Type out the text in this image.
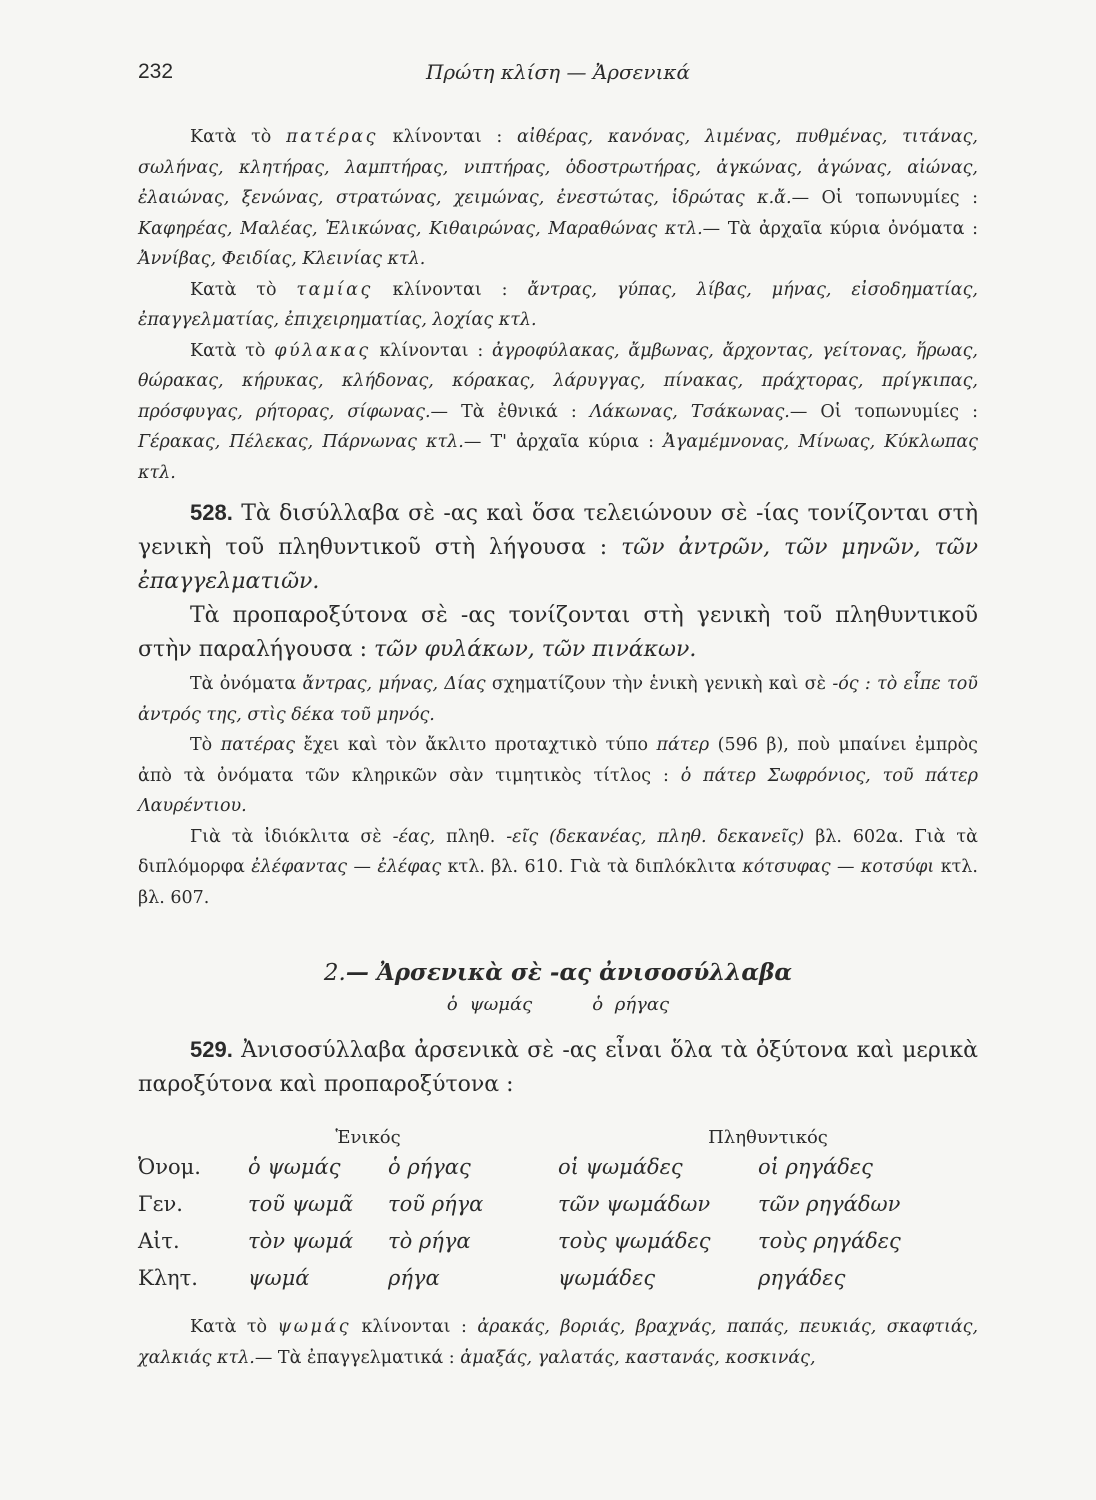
232	Πρώτη κλίση — Ἀρσενικά

Κατὰ τὸ πατέρας κλίνονται : αἰθέρας, κανόνας, λιμένας, πυθμένας, τιτάνας, σωλήνας, κλητήρας, λαμπτήρας, νιπτήρας, ὁδοστρωτήρας, ἀγκώνας, ἀγώνας, αἰώνας, ἐλαιώνας, ξενώνας, στρατώνας, χειμώνας, ἐνεστώτας, ἱδρώτας κ.ἄ.— Οἱ τοπωνυμίες : Καφηρέας, Μαλέας, Ἑλικώνας, Κιθαιρώνας, Μαραθώνας κτλ.— Τὰ ἀρχαῖα κύρια ὀνόματα : Ἀννίβας, Φειδίας, Κλεινίας κτλ.

Κατὰ τὸ ταμίας κλίνονται : ἄντρας, γύπας, λίβας, μήνας, εἰσοδηματίας, ἐπαγγελματίας, ἐπιχειρηματίας, λοχίας κτλ.

Κατὰ τὸ φύλακας κλίνονται : ἀγροφύλακας, ἄμβωνας, ἄρχοντας, γείτονας, ἥρωας, θώρακας, κήρυκας, κλήδονας, κόρακας, λάρυγγας, πίνακας, πράχτορας, πρίγκιπας, πρόσφυγας, ρήτορας, σίφωνας.— Τὰ ἐθνικά : Λάκωνας, Τσάκωνας.— Οἱ τοπωνυμίες : Γέρακας, Πέλεκας, Πάρνωνας κτλ.— Τ' ἀρχαῖα κύρια : Ἀγαμέμνονας, Μίνωας, Κύκλωπας κτλ.

528. Τὰ δισύλλαβα σὲ -ας καὶ ὅσα τελειώνουν σὲ -ίας τονίζονται στὴ γενικὴ τοῦ πληθυντικοῦ στὴ λήγουσα : τῶν ἀντρῶν, τῶν μηνῶν, τῶν ἐπαγγελματιῶν.

Τὰ προπαροξύτονα σὲ -ας τονίζονται στὴ γενικὴ τοῦ πληθυντικοῦ στὴν παραλήγουσα : τῶν φυλάκων, τῶν πινάκων.

Τὰ ὀνόματα ἄντρας, μήνας, Δίας σχηματίζουν τὴν ἑνικὴ γενικὴ καὶ σὲ -ός : τὸ εἶπε τοῦ ἀντρός της, στὶς δέκα τοῦ μηνός.

Τὸ πατέρας ἔχει καὶ τὸν ἄκλιτο προταχτικὸ τύπο πάτερ (596 β), ποὺ μπαίνει ἐμπρὸς ἀπὸ τὰ ὀνόματα τῶν κληρικῶν σὰν τιμητικὸς τίτλος : ὁ πάτερ Σωφρόνιος, τοῦ πάτερ Λαυρέντιου.

Γιὰ τὰ ἰδιόκλιτα σὲ -έας, πληθ. -εῖς (δεκανέας, πληθ. δεκανεῖς) βλ. 602α. Γιὰ τὰ διπλόμορφα ἐλέφαντας — ἐλέφας κτλ. βλ. 610. Γιὰ τὰ διπλόκλιτα κότσυφας — κοτσύφι κτλ. βλ. 607.

2.— Ἀρσενικὰ σὲ -ας ἀνισοσύλλαβα
ὁ ψωμάς	ὁ ρήγας

529. Ἀνισοσύλλαβα ἀρσενικὰ σὲ -ας εἶναι ὅλα τὰ ὀξύτονα καὶ μερικὰ παροξύτονα καὶ προπαροξύτονα :

Ἑνικός	Πληθυντικός
Ὀνομ.	ὁ ψωμάς	ὁ ρήγας	οἱ ψωμάδες	οἱ ρηγάδες
Γεν.	τοῦ ψωμᾶ	τοῦ ρήγα	τῶν ψωμάδων	τῶν ρηγάδων
Αἰτ.	τὸν ψωμά	τὸ ρήγα	τοὺς ψωμάδες	τοὺς ρηγάδες
Κλητ.	ψωμά	ρήγα	ψωμάδες	ρηγάδες

Κατὰ τὸ ψωμάς κλίνονται : ἀρακάς, βοριάς, βραχνάς, παπάς, πευκιάς, σκαφτιάς, χαλκιάς κτλ.— Τὰ ἐπαγγελματικά : ἁμαξάς, γαλατάς, καστανάς, κοσκινάς,
